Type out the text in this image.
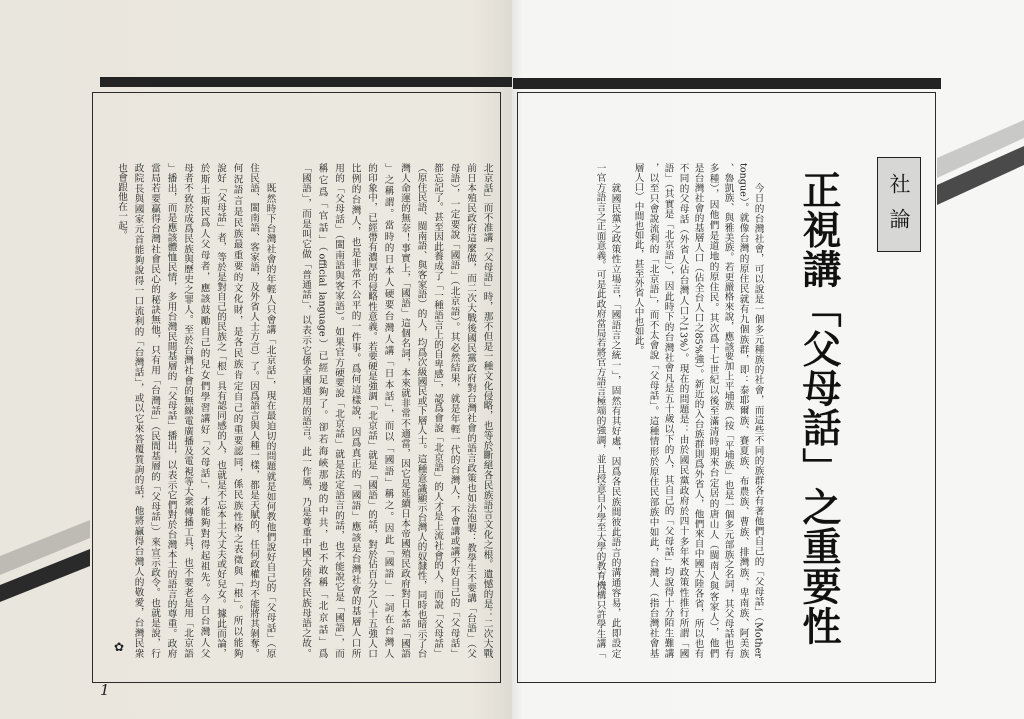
社論
正視講「父母話」之重要性
　　今日的台灣社會，可以說是一個多元種族的社會，而這些不同的族群各有著他們自己的「父母話」（Mother
tongue）。就像台灣的原住民就有九個族群，即：泰耶爾族、賽夏族、布農族、曹族、排灣族、卑南族、阿美族
、魯凱族、與雅美族。若更嚴格來說，應該要加上平埔族（按「平埔族」也是一個多元部族之名詞，其父母話也有
多種），因他們是道地的原住民。其次爲十七世紀以後至滿清時期來台定居的唐山人（閩南人與客家人），他們
是台灣社會的基層人口（佔全台人口之85%強）。新近的入台族群則爲外省人，他們來自中國大陸各省，所以也有
不同的父母話（外省人佔台灣人口之13%）。現在的問題是：由於國民黨政府於四十多年來政策性推行所謂「國
語」（其實是「北京語」），因此時下的台灣社會凡是五十歲以下的人，其自己的「父母話」均說得十分陌生難講
，以至只會說流利的「北京語」，而不太會說「父母話」。這種情形於原住民部族中如此，台灣人（指台灣社會基
層人口）中間也如此，甚至外省人中也如此。
　　就國民黨之政策性立場言，「國語言之統一」，固然有其好處，因爲各民族間彼此語言的溝通容易，此即設定
一官方語言之正面意義。可是此政府當局若將官方語言極端的強調，並且授意自小學至大學的教育機構只許學生講「
北京話」而不准講「父母語」時，那不但是一種文化侵略，也等於斷絕各民族語言文化之根。遺憾的是：二次大戰
前日本殖民政府這麼做，而二次大戰後國民黨政府對台灣社會的語言政策也如法泡製：教學生不要講「台語」（父
母語），一定要說「國語」（北京語）。其必然結果，就是年輕一代的台灣人，不會講或講不好自己的「父母話」
都忘記了。甚至因此養成了「一種語言上的自卑感」，認爲會說「北京語」的人才是上流社會的人，而說「父母話」
（原住民語、閩南語、與客家語）的人，均爲次級國民或下層人士。這種意識顯示台灣人的奴隸性，同時也暗示了台
灣人命運的無奈！事實上，「國語」這個名詞，本來就非常不適當，因它是延續日本帝國殖民政府對日本話「國語
」之稱謂。當時的日本人硬要台灣人講「日本話」，而以「國語」稱之。因此「國語」一詞在台灣人
的印象中，已經帶有濃厚的侵略性意義。若要硬是強調「北京話」就是「國語」的話，對於佔百分之八十五強人口
比例的台灣人，也是非常不公平的一件事。爲何這樣說，因爲真正的「國語」應該是台灣社會的基層人口所
用的「父母話」（閩南語與客家語）。如果官方硬要說「北京話」就是法定語言的話，也不能說它是「國語」，而
稱它爲「官話」（official language）已經足夠了。卻若海峽那邊的中共，也不敢稱「北京話」爲
「國語」，而是叫它做「普通話」，以表示它係全國通用的語言。此一作風，乃是尊重中國大陸各民族母語之故。
　　既然時下台灣社會的年輕人只會講「北京話」，現在最迫切的問題就是如何教他們說好自己的「父母話」（原
住民語、閩南語、客家語，及外省人士方言）了。因爲語言與人種一樣，都是天賦的，任何政權均不能將其剝奪。
何況語言是民族最重要的文化財，是各民族肯定自己的重要認同，係民族性格之表徵與「根」。所以能夠
說好「父母話」者，等於是對自己的民族之「根」具有認同感的人，也就是不忘本土大丈夫或好兒女。據此而論，
於斯土斯民爲人父母者，應該鼓勵自己的兒女們學習講好「父母話」，才能夠對得起祖先。今日台灣人父
母者不致於成爲民族與歷史之罪人。至於台灣社會的無線電廣播及電視等大衆傳播工具，也不要老是用「北京語
」播出，而是應該體恤民情，多用台灣民間基層的「父母話」播出，以表示它們對於台灣本土的語言的尊重。政府
當局若要贏得台灣社會民心的秘訣無他，只有用「台灣話」（民間基層的「父母話」）來宣示政令。也就是說，行
政院長與國家元首能夠說得一口流利的「台灣話」，或以它來答覆質詢的話，他將贏得台灣人的敬愛，台灣民衆
也會跟他在一起。
✿
1
